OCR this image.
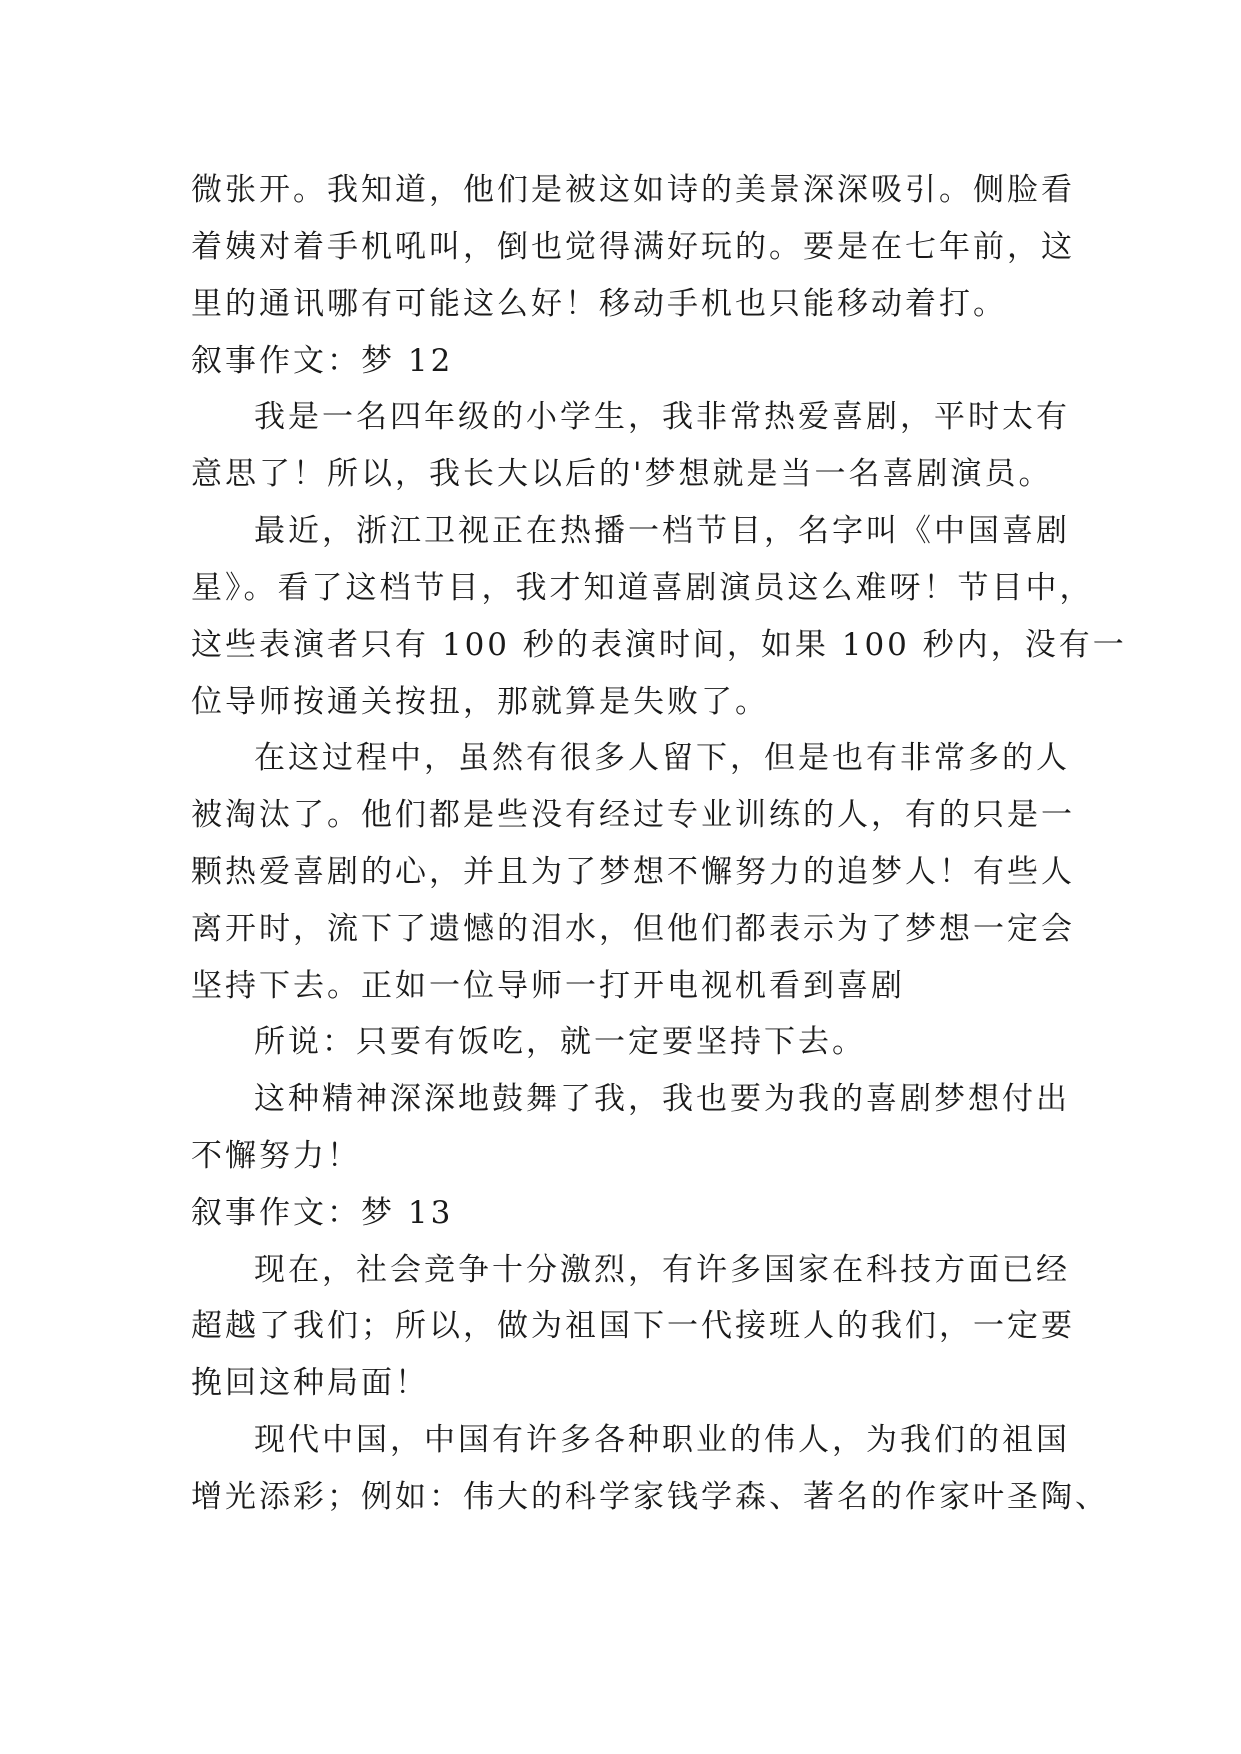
微张开。我知道，他们是被这如诗的美景深深吸引。侧脸看
着姨对着手机吼叫，倒也觉得满好玩的。要是在七年前，这
里的通讯哪有可能这么好！移动手机也只能移动着打。
叙事作文：梦 12
我是一名四年级的小学生，我非常热爱喜剧，平时太有
意思了！所以，我长大以后的'梦想就是当一名喜剧演员。
最近，浙江卫视正在热播一档节目，名字叫《中国喜剧
星》。看了这档节目，我才知道喜剧演员这么难呀！节目中，
这些表演者只有 100 秒的表演时间，如果 100 秒内，没有一
位导师按通关按扭，那就算是失败了。
在这过程中，虽然有很多人留下，但是也有非常多的人
被淘汰了。他们都是些没有经过专业训练的人，有的只是一
颗热爱喜剧的心，并且为了梦想不懈努力的追梦人！有些人
离开时，流下了遗憾的泪水，但他们都表示为了梦想一定会
坚持下去。正如一位导师一打开电视机看到喜剧
所说：只要有饭吃，就一定要坚持下去。
这种精神深深地鼓舞了我，我也要为我的喜剧梦想付出
不懈努力！
叙事作文：梦 13
现在，社会竞争十分激烈，有许多国家在科技方面已经
超越了我们；所以，做为祖国下一代接班人的我们，一定要
挽回这种局面！
现代中国，中国有许多各种职业的伟人，为我们的祖国
增光添彩；例如：伟大的科学家钱学森、著名的作家叶圣陶、
